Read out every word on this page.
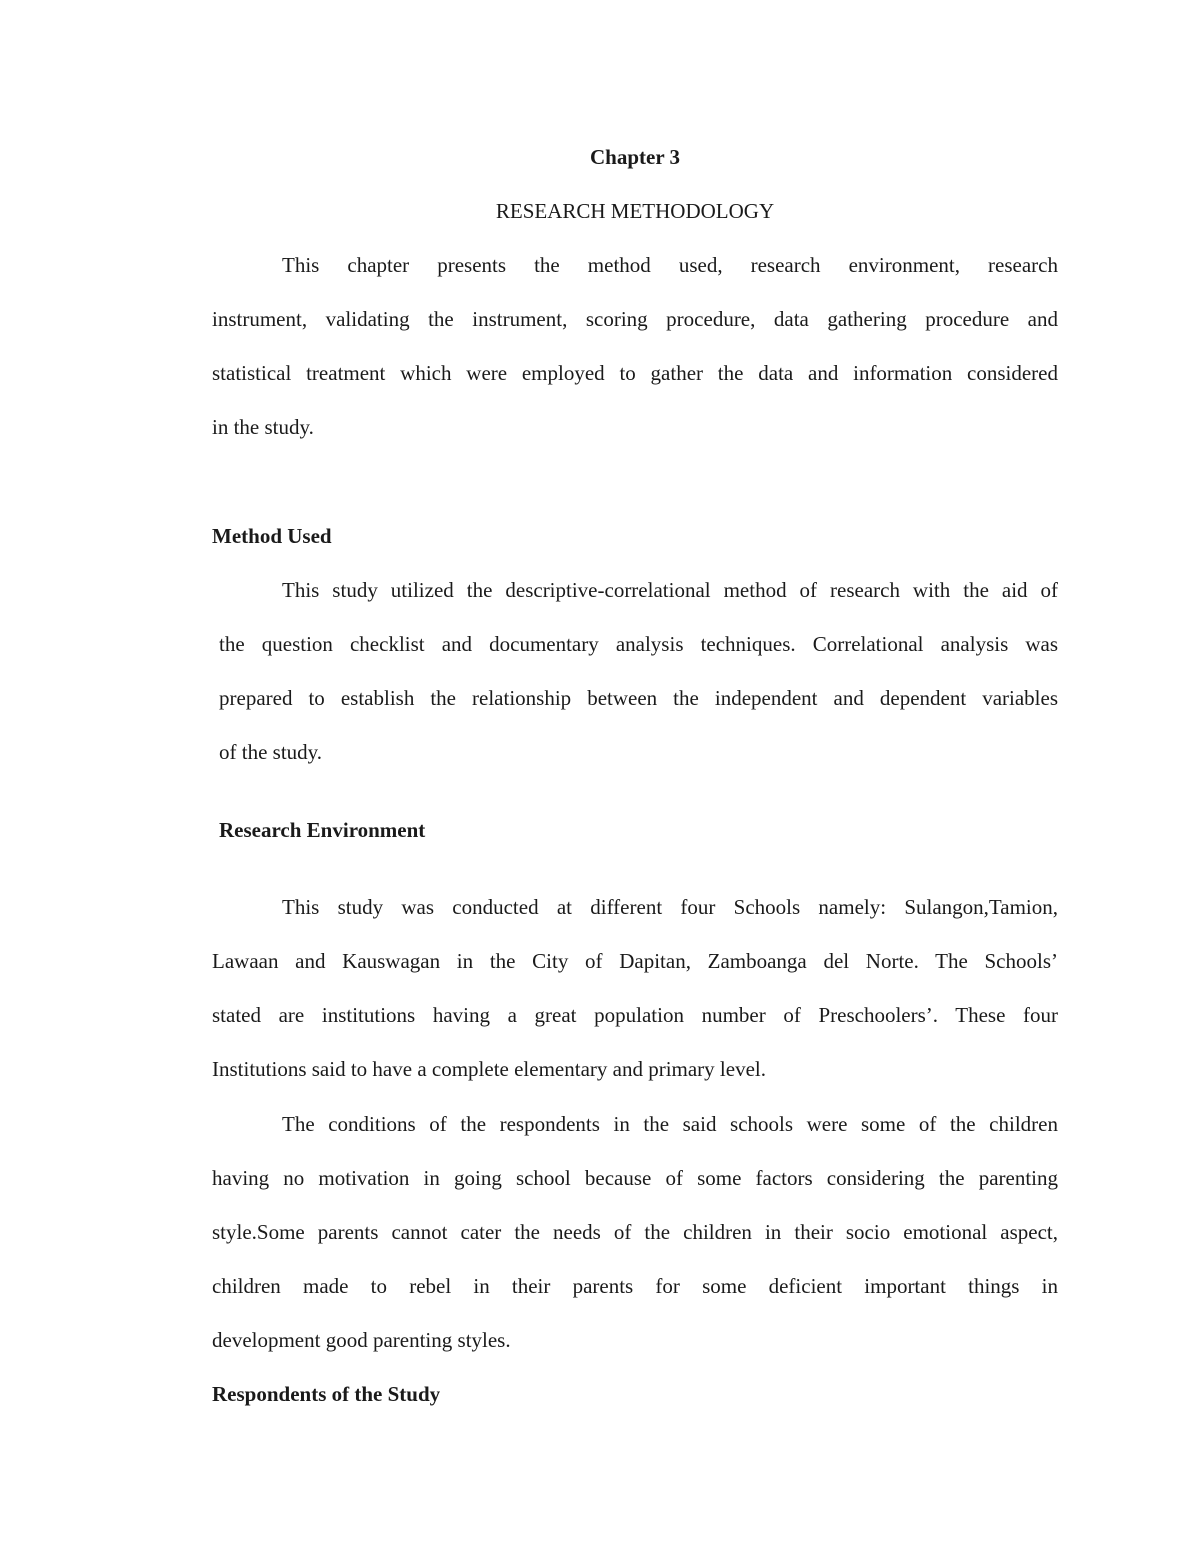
Chapter 3

RESEARCH METHODOLOGY

This chapter presents the method used, research environment, research

instrument, validating the instrument, scoring procedure, data gathering procedure and

statistical treatment which were employed to gather the data and information considered

in the study.

Method Used

This study utilized the descriptive-correlational method of research with the aid of

the question checklist and documentary analysis techniques. Correlational analysis was

prepared to establish the relationship between the independent and dependent variables

of the study.

Research Environment

This study was conducted at different four Schools namely: Sulangon,Tamion,

Lawaan and Kauswagan in the City of Dapitan, Zamboanga del Norte. The Schools’

stated are institutions having a great population number of Preschoolers’. These four

Institutions said to have a complete elementary and primary level.

The conditions of the respondents in the said schools were some of the children

having no motivation in going school because of some factors considering the parenting

style.Some parents cannot cater the needs of the children in their socio emotional aspect,

children made to rebel in their parents for some deficient important things in

development good parenting styles.

Respondents of the Study
